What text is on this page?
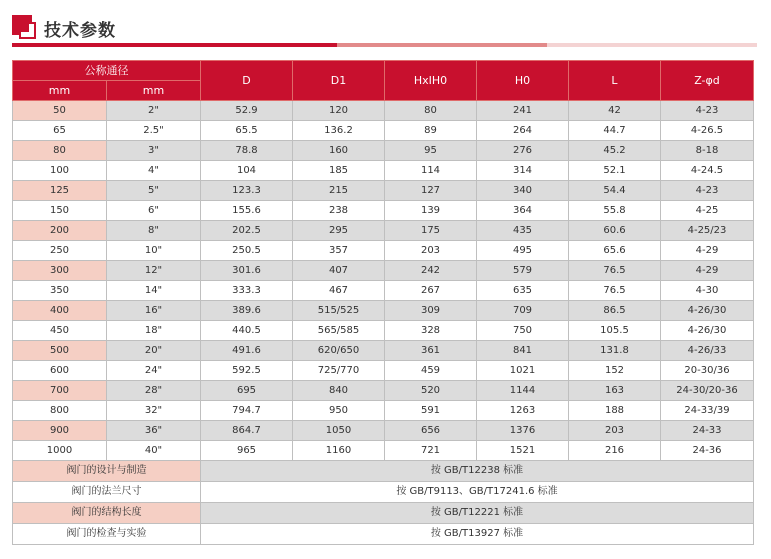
技术参数
公称通径		D	D1	HxIH0	H0	L	Z-φd
mm	mm						
50	2"	52.9	120	80	241	42	4-23
65	2.5"	65.5	136.2	89	264	44.7	4-26.5
80	3"	78.8	160	95	276	45.2	8-18
100	4"	104	185	114	314	52.1	4-24.5
125	5"	123.3	215	127	340	54.4	4-23
150	6"	155.6	238	139	364	55.8	4-25
200	8"	202.5	295	175	435	60.6	4-25/23
250	10"	250.5	357	203	495	65.6	4-29
300	12"	301.6	407	242	579	76.5	4-29
350	14"	333.3	467	267	635	76.5	4-30
400	16"	389.6	515/525	309	709	86.5	4-26/30
450	18"	440.5	565/585	328	750	105.5	4-26/30
500	20"	491.6	620/650	361	841	131.8	4-26/33
600	24"	592.5	725/770	459	1021	152	20-30/36
700	28"	695	840	520	1144	163	24-30/20-36
800	32"	794.7	950	591	1263	188	24-33/39
900	36"	864.7	1050	656	1376	203	24-33
1000	40"	965	1160	721	1521	216	24-36
阀门的设计与制造		按 GB/T12238 标准					
阀门的法兰尺寸		按 GB/T9113、GB/T17241.6 标准					
阀门的结构长度		按 GB/T12221 标准					
阀门的检查与实验		按 GB/T13927 标准					
